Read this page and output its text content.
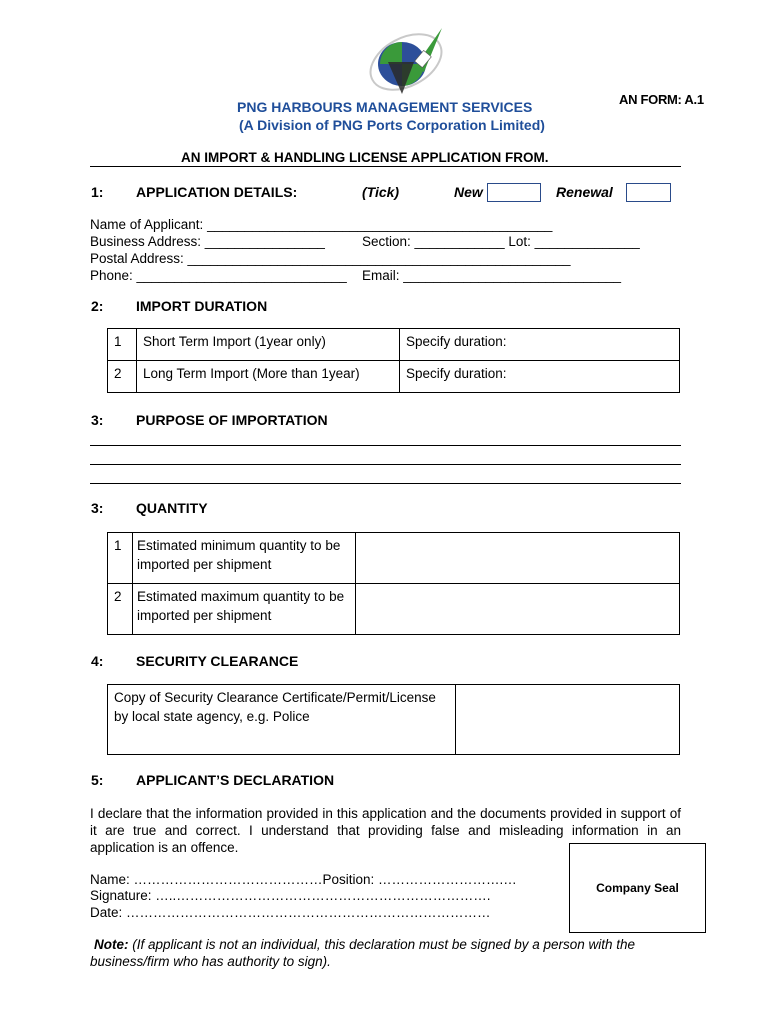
PNG HARBOURS MANAGEMENT SERVICES
(A Division of PNG Ports Corporation Limited)
AN FORM: A.1
AN IMPORT & HANDLING LICENSE APPLICATION FROM.
1: APPLICATION DETAILS:	(Tick)	New	Renewal
Name of Applicant: ______________________________________________
Business Address: ________________	Section: ____________ Lot: ______________
Postal Address: ___________________________________________________
Phone: ____________________________ Email: _____________________________
2: IMPORT DURATION
1	Short Term Import (1year only)	Specify duration:
2	Long Term Import (More than 1year)	Specify duration:
3: PURPOSE OF IMPORTATION
3: QUANTITY
1	Estimated minimum quantity to be imported per shipment	
2	Estimated maximum quantity to be imported per shipment	
4: SECURITY CLEARANCE
Copy of Security Clearance Certificate/Permit/License by local state agency, e.g. Police	
5: APPLICANT’S DECLARATION
I declare that the information provided in this application and the documents provided in support of it are true and correct. I understand that providing false and misleading information in an application is an offence.
Name: ……………………………………Position: ……………………….…
Signature: …..…………………………………………………………….
Date: ………………………………………………………………………
Company Seal
Note: (If applicant is not an individual, this declaration must be signed by a person with the business/firm who has authority to sign).
